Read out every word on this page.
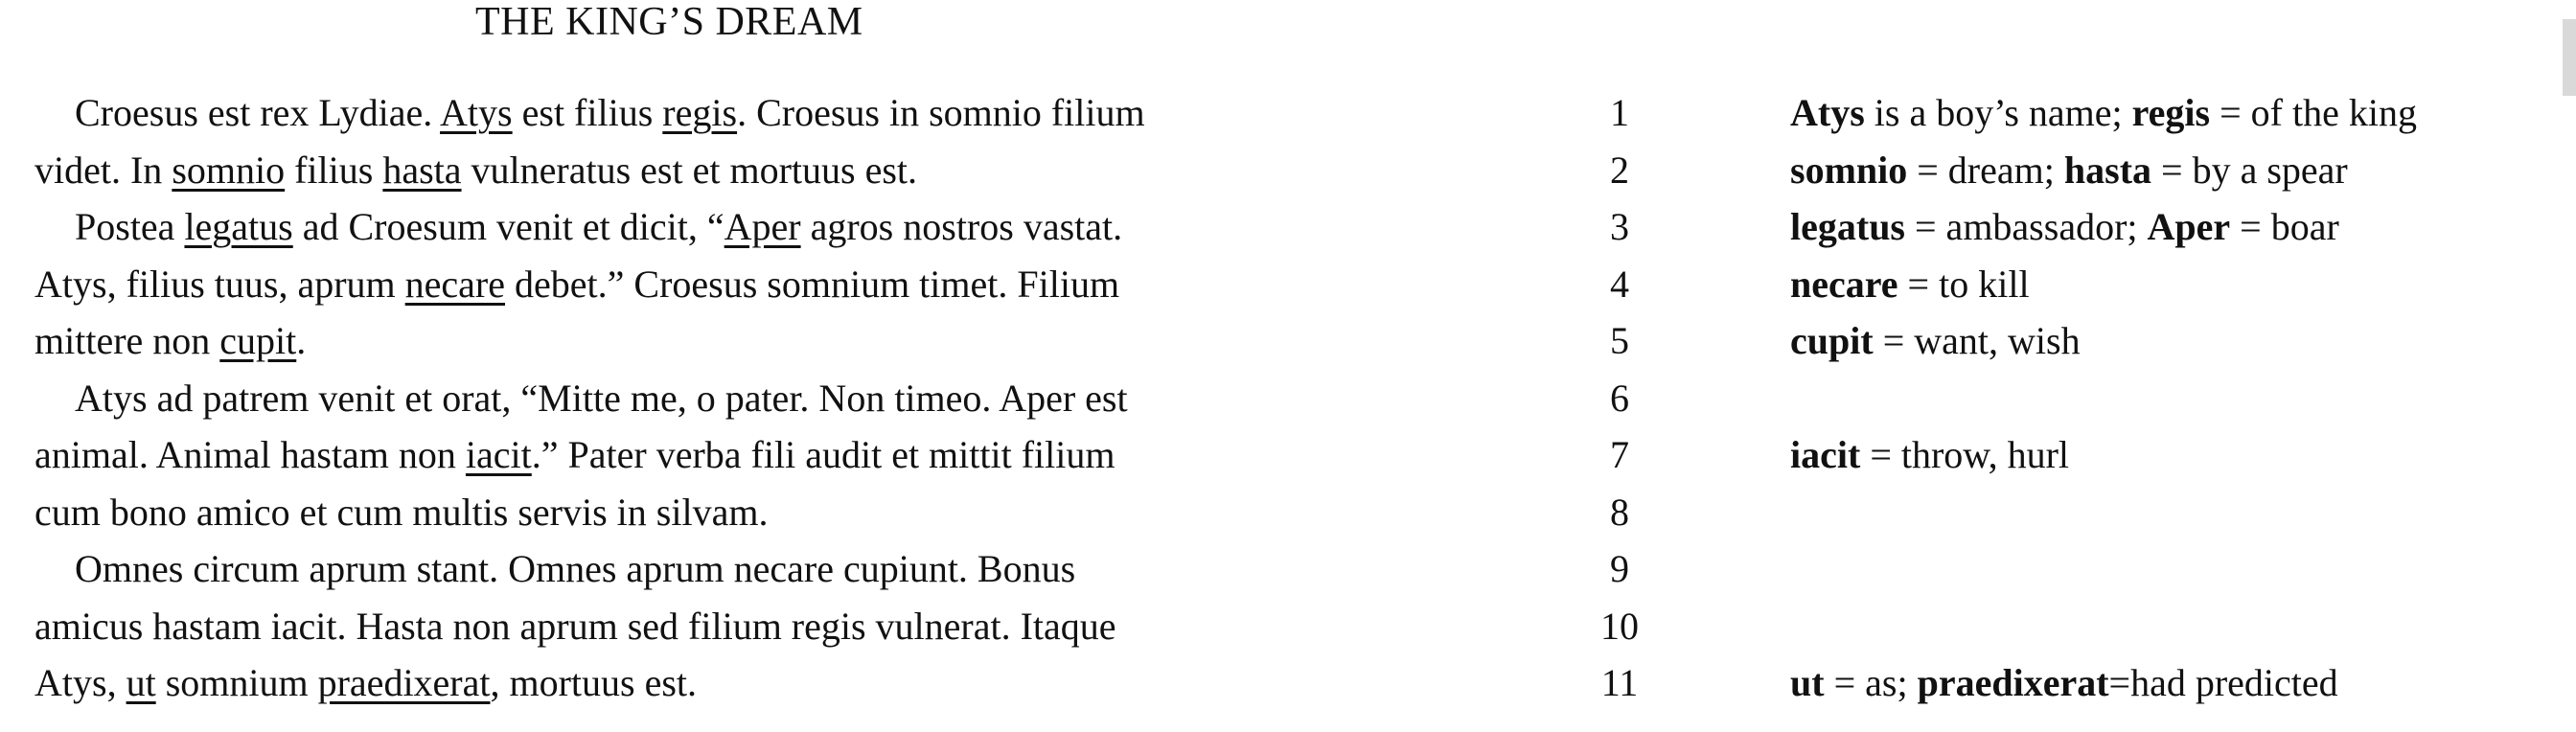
THE KING’S DREAM
Croesus est rex Lydiae. Atys est filius regis. Croesus in somnio filium
videt. In somnio filius hasta vulneratus est et mortuus est.
Postea legatus ad Croesum venit et dicit, “Aper agros nostros vastat.
Atys, filius tuus, aprum necare debet.” Croesus somnium timet. Filium
mittere non cupit.
Atys ad patrem venit et orat, “Mitte me, o pater. Non timeo. Aper est
animal. Animal hastam non iacit.” Pater verba fili audit et mittit filium
cum bono amico et cum multis servis in silvam.
Omnes circum aprum stant. Omnes aprum necare cupiunt. Bonus
amicus hastam iacit. Hasta non aprum sed filium regis vulnerat. Itaque
Atys, ut somnium praedixerat, mortuus est.
1
2
3
4
5
6
7
8
9
10
11
Atys is a boy’s name; regis = of the king
somnio = dream; hasta = by a spear
legatus = ambassador; Aper = boar
necare = to kill
cupit = want, wish
iacit = throw, hurl
ut = as; praedixerat=had predicted
